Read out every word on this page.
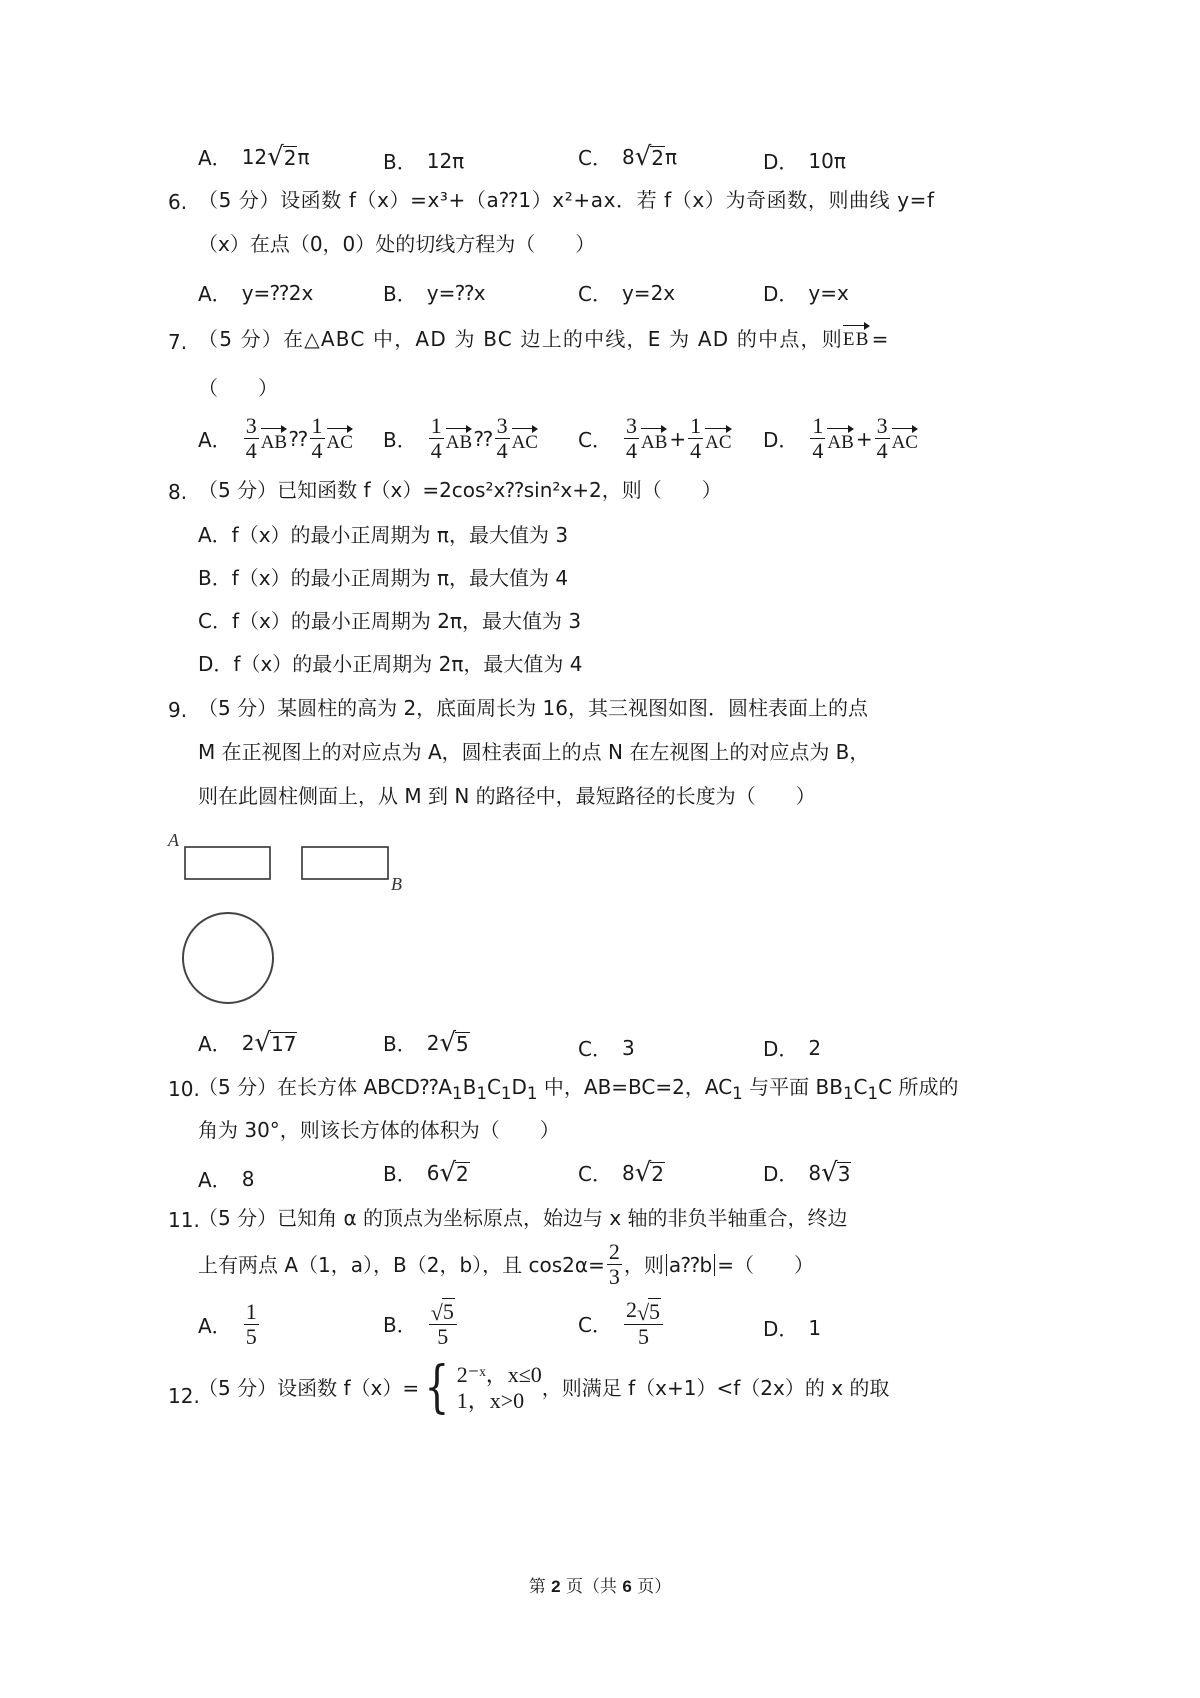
A． 12 √ 2 π	B． 12π	C． 8 √ 2 π	D． 10π
6. （5 分）设函数 f（x）=x³+（a⁇1）x²+ax．若 f（x）为奇函数，则曲线 y=f
（x）在点（0，0）处的切线方程为（　　）
A． y=⁇2x	B． y=⁇x	C． y=2x	D． y=x
7. （5 分）在△ABC 中，AD 为 BC 边上的中线，E 为 AD 的中点，则 EB =
（　　）
A． $\frac{3}{4}$ AB ⁇ $\frac{1}{4}$ AC B． $\frac{1}{4}$ AB ⁇ $\frac{3}{4}$ AC C． $\frac{3}{4}$ AB + $\frac{1}{4}$ AC D． $\frac{1}{4}$ AB + $\frac{3}{4}$ AC
8. （5 分）已知函数 f（x）=2cos²x⁇sin²x+2，则（　　）
A．f（x）的最小正周期为 π，最大值为 3
B．f（x）的最小正周期为 π，最大值为 4
C．f（x）的最小正周期为 2π，最大值为 3
D．f（x）的最小正周期为 2π，最大值为 4
9. （5 分）某圆柱的高为 2，底面周长为 16，其三视图如图．圆柱表面上的点
M 在正视图上的对应点为 A，圆柱表面上的点 N 在左视图上的对应点为 B，
则在此圆柱侧面上，从 M 到 N 的路径中，最短路径的长度为（　　）
A
B
A． 2 √ 17	B． 2 √ 5	C． 3	D． 2
10.
（5 分）在长方体 $ABCD⁇A_1B_1C_1D_1$ 中，AB=BC=2，$AC_1$ 与平面 $BB_1C_1C$ 所成的
角为 30°，则该长方体的体积为（　　）
A． 8	B． 6 √ 2	C． 8 √ 2	D． 8 √ 3
11.
（5 分）已知角 α 的顶点为坐标原点，始边与 x 轴的非负半轴重合，终边
上有两点 A（1，a），B（2，b），且 $\cos 2\alpha= \frac{2}{3}$ ，则 a⁇b =（　　）
A． $\frac{1}{5}$	B． $\frac{√ 5}{5}$	C． $\frac{2 √ 5}{5}$	D． 1
12.
（5 分）设函数 f（x）= { 2⁻ˣ，x≤0
1，x>0 ，则满足 f（x+1）<f（2x）的 x 的取
第 2 页（共 6 页）
